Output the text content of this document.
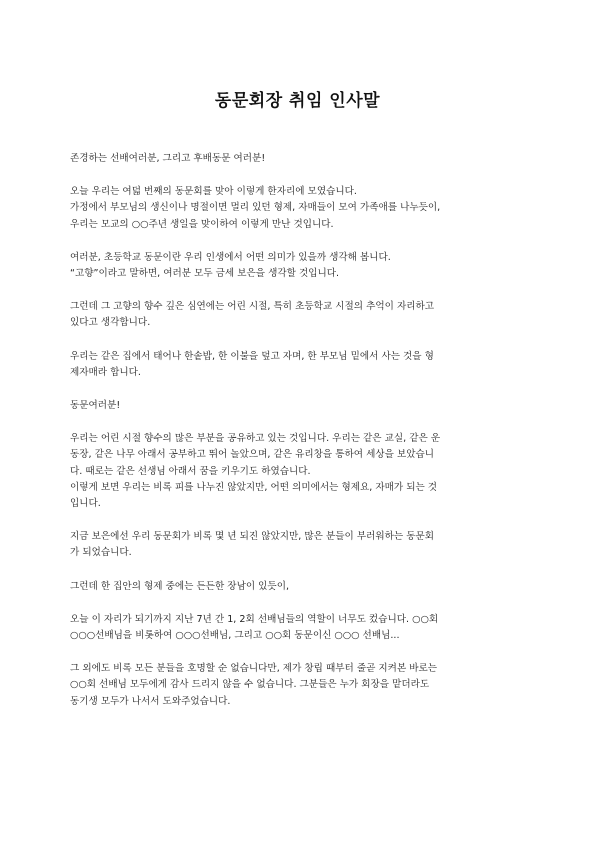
동문회장 취임 인사말

존경하는 선배여러분, 그리고 후배동문 여러분!

오늘 우리는 여덟 번째의 동문회를 맞아 이렇게 한자리에 모였습니다.
가정에서 부모님의 생신이나 명절이면 멀리 있던 형제, 자매들이 모여 가족애를 나누듯이,
우리는 모교의 ○○주년 생일을 맞이하여 이렇게 만난 것입니다.

여러분, 초등학교 동문이란 우리 인생에서 어떤 의미가 있을까 생각해 봅니다.
“고향”이라고 말하면, 여러분 모두 금세 보은을 생각할 것입니다.

그런데 그 고향의 향수 깊은 심연에는 어린 시절, 특히 초등학교 시절의 추억이 자리하고
있다고 생각합니다.

우리는 같은 집에서 태어나 한솥밥, 한 이불을 덮고 자며, 한 부모님 밑에서 사는 것을 형
제자매라 합니다.

동문여러분!

우리는 어린 시절 향수의 많은 부분을 공유하고 있는 것입니다. 우리는 같은 교실, 같은 운
동장, 같은 나무 아래서 공부하고 뛰어 놀았으며, 같은 유리창을 통하여 세상을 보았습니
다. 때로는 같은 선생님 아래서 꿈을 키우기도 하였습니다.
이렇게 보면 우리는 비록 피를 나누진 않았지만, 어떤 의미에서는 형제요, 자매가 되는 것
입니다.

지금 보은에선 우리 동문회가 비록 몇 년 되진 않았지만, 많은 분들이 부러워하는 동문회
가 되었습니다.

그런데 한 집안의 형제 중에는 든든한 장남이 있듯이,

오늘 이 자리가 되기까지 지난 7년 간 1, 2회 선배님들의 역할이 너무도 컸습니다. ○○회
○○○선배님을 비롯하여 ○○○선배님, 그리고 ○○회 동문이신 ○○○ 선배님...

그 외에도 비록 모든 분들을 호명할 순 없습니다만, 제가 창립 때부터 줄곧 지켜본 바로는
○○회 선배님 모두에게 감사 드리지 않을 수 없습니다. 그분들은 누가 회장을 맡더라도
동기생 모두가 나서서 도와주었습니다.
